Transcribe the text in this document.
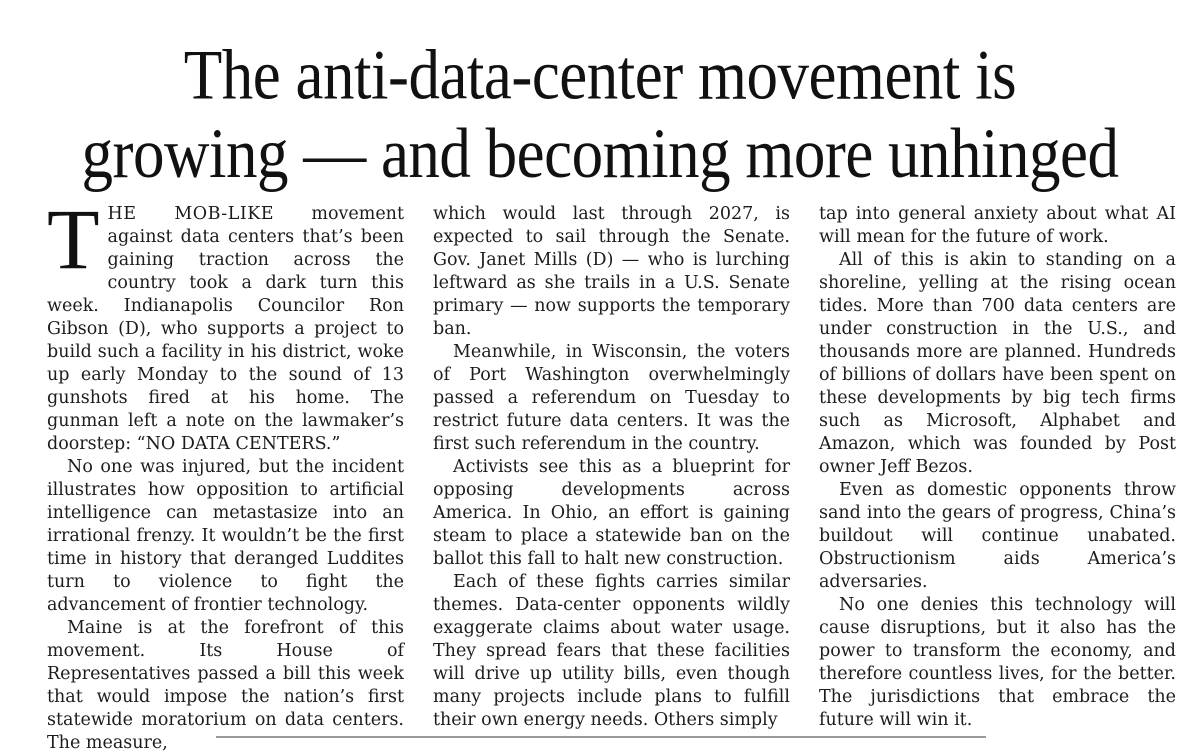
The anti-data-center movement is
growing — and becoming more unhinged

THE MOB-LIKE movement against data centers that’s been gaining traction across the country took a dark turn this week. Indianapolis Councilor Ron Gibson (D), who supports a project to build such a facility in his district, woke up early Monday to the sound of 13 gunshots fired at his home. The gunman left a note on the lawmaker’s doorstep: “NO DATA CENTERS.”

No one was injured, but the incident illustrates how opposition to artificial intelligence can metastasize into an irrational frenzy. It wouldn’t be the first time in history that deranged Luddites turn to violence to fight the advancement of frontier technology.

Maine is at the forefront of this movement. Its House of Representatives passed a bill this week that would impose the nation’s first statewide moratorium on data centers. The measure,

which would last through 2027, is expected to sail through the Senate. Gov. Janet Mills (D) — who is lurching leftward as she trails in a U.S. Senate primary — now supports the temporary ban.

Meanwhile, in Wisconsin, the voters of Port Washington overwhelmingly passed a referendum on Tuesday to restrict future data centers. It was the first such referendum in the country.

Activists see this as a blueprint for opposing developments across America. In Ohio, an effort is gaining steam to place a statewide ban on the ballot this fall to halt new construction.

Each of these fights carries similar themes. Data-center opponents wildly exaggerate claims about water usage. They spread fears that these facilities will drive up utility bills, even though many projects include plans to fulfill their own energy needs. Others simply

tap into general anxiety about what AI will mean for the future of work.

All of this is akin to standing on a shoreline, yelling at the rising ocean tides. More than 700 data centers are under construction in the U.S., and thousands more are planned. Hundreds of billions of dollars have been spent on these developments by big tech firms such as Microsoft, Alphabet and Amazon, which was founded by Post owner Jeff Bezos.

Even as domestic opponents throw sand into the gears of progress, China’s buildout will continue unabated. Obstructionism aids America’s adversaries.

No one denies this technology will cause disruptions, but it also has the power to transform the economy, and therefore countless lives, for the better. The jurisdictions that embrace the future will win it.
